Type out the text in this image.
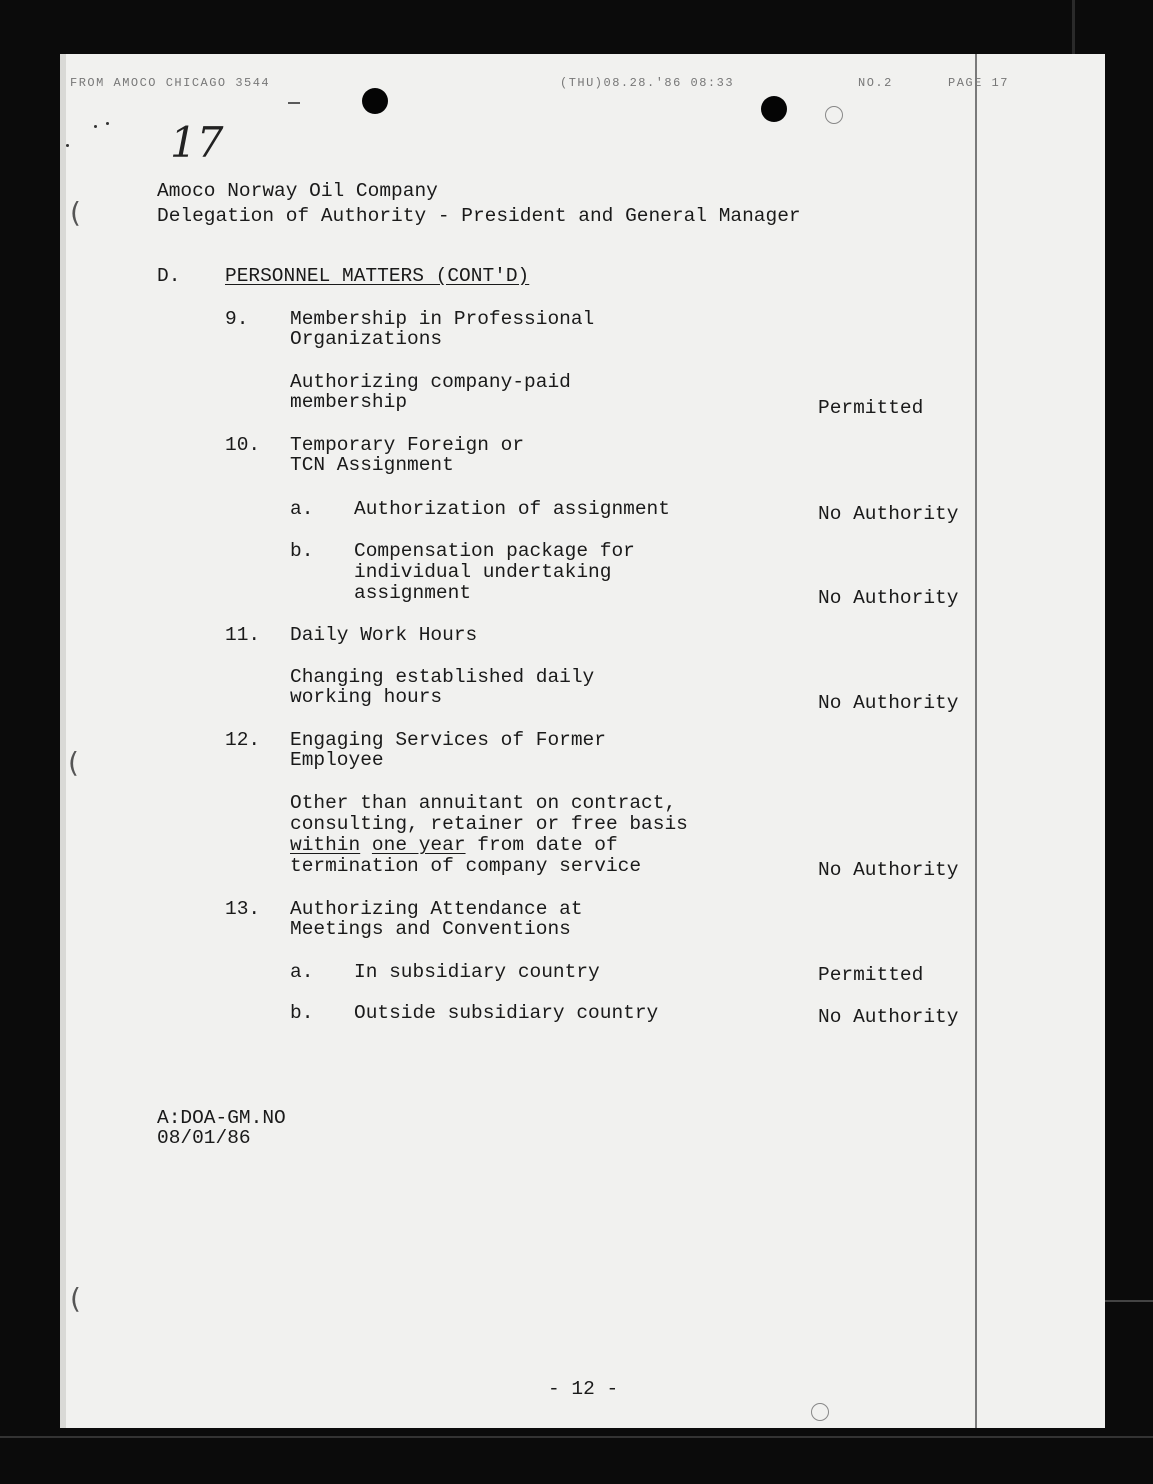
FROM AMOCO CHICAGO 3544	(THU)08.28.'86 08:33	NO.2	PAGE 17
(
(
(
17
Amoco Norway Oil Company
Delegation of Authority - President and General Manager
D. PERSONNEL MATTERS (CONT'D)
9. Membership in Professional
Organizations
Authorizing company-paid
membership	Permitted
10. Temporary Foreign or
TCN Assignment
a. Authorization of assignment	No Authority
b. Compensation package for
individual undertaking
assignment	No Authority
11. Daily Work Hours
Changing established daily
working hours	No Authority
12. Engaging Services of Former
Employee
Other than annuitant on contract,
consulting, retainer or free basis
within one year from date of
termination of company service	No Authority
13. Authorizing Attendance at
Meetings and Conventions
a. In subsidiary country	Permitted
b. Outside subsidiary country	No Authority
A:DOA-GM.NO
08/01/86
- 12 -
